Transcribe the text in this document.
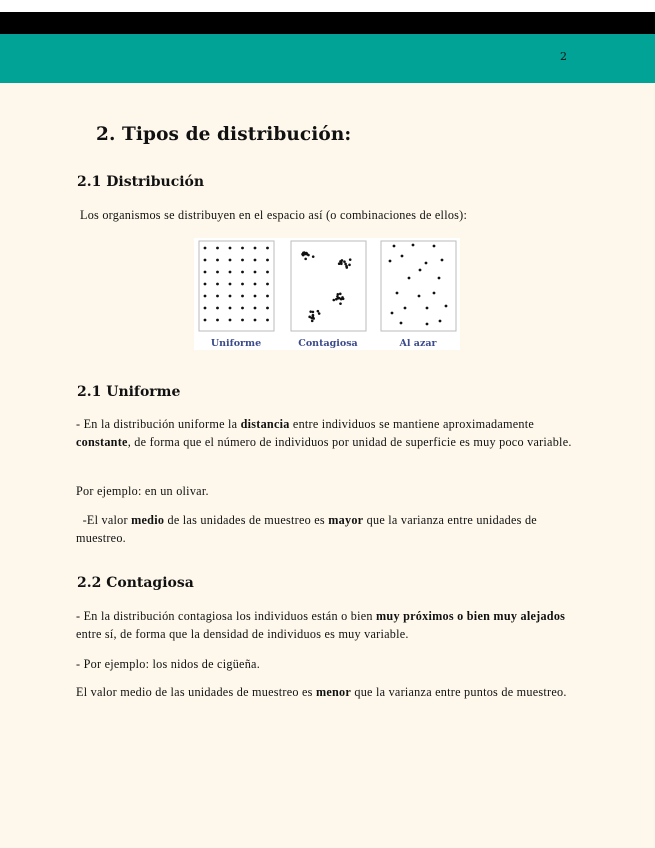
2
2. Tipos de distribución:
2.1 Distribución
Los organismos se distribuyen en el espacio así (o combinaciones de ellos):
Uniforme	Contagiosa	Al azar
2.1 Uniforme
- En la distribución uniforme la distancia entre individuos se mantiene aproximadamente constante, de forma que el número de individuos por unidad de superficie es muy poco variable.
Por ejemplo: en un olivar.
-El valor medio de las unidades de muestreo es mayor que la varianza entre unidades de muestreo.
2.2 Contagiosa
- En la distribución contagiosa los individuos están o bien muy próximos o bien muy alejados entre sí, de forma que la densidad de individuos es muy variable.
- Por ejemplo: los nidos de cigüeña.
El valor medio de las unidades de muestreo es menor que la varianza entre puntos de muestreo.
